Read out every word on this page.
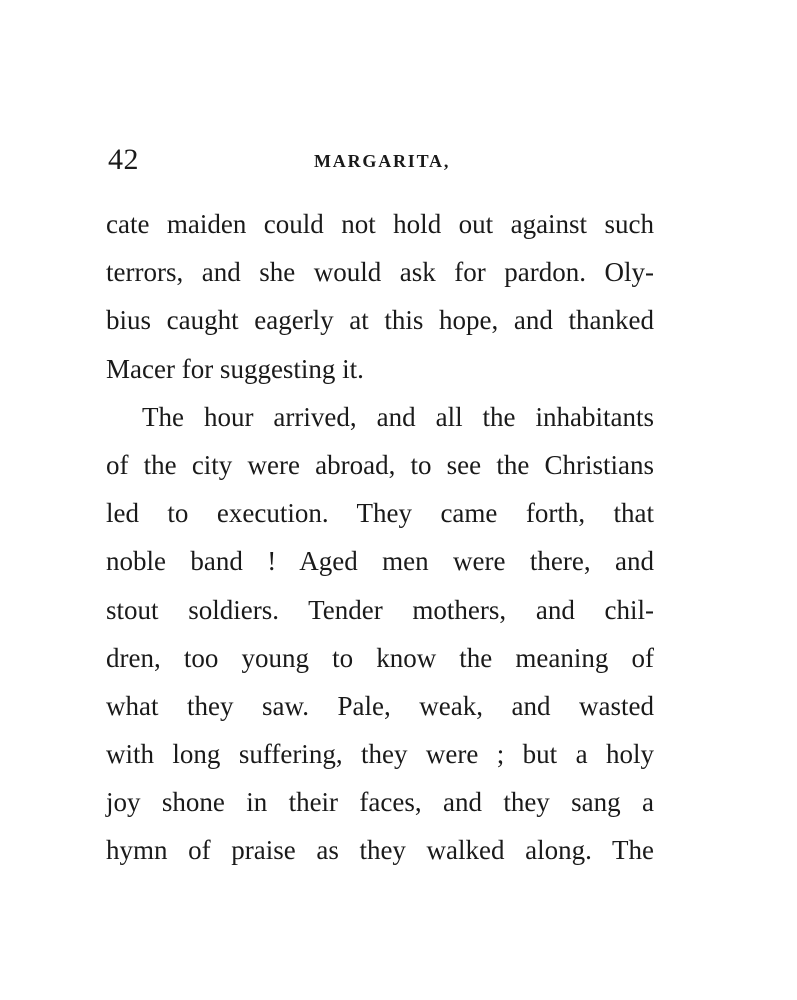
42	MARGARITA,
cate maiden could not hold out against such
terrors, and she would ask for pardon. Oly-
bius caught eagerly at this hope, and thanked
Macer for suggesting it.
The hour arrived, and all the inhabitants
of the city were abroad, to see the Christians
led to execution. They came forth, that
noble band ! Aged men were there, and
stout soldiers. Tender mothers, and chil-
dren, too young to know the meaning of
what they saw. Pale, weak, and wasted
with long suffering, they were ; but a holy
joy shone in their faces, and they sang a
hymn of praise as they walked along. The
